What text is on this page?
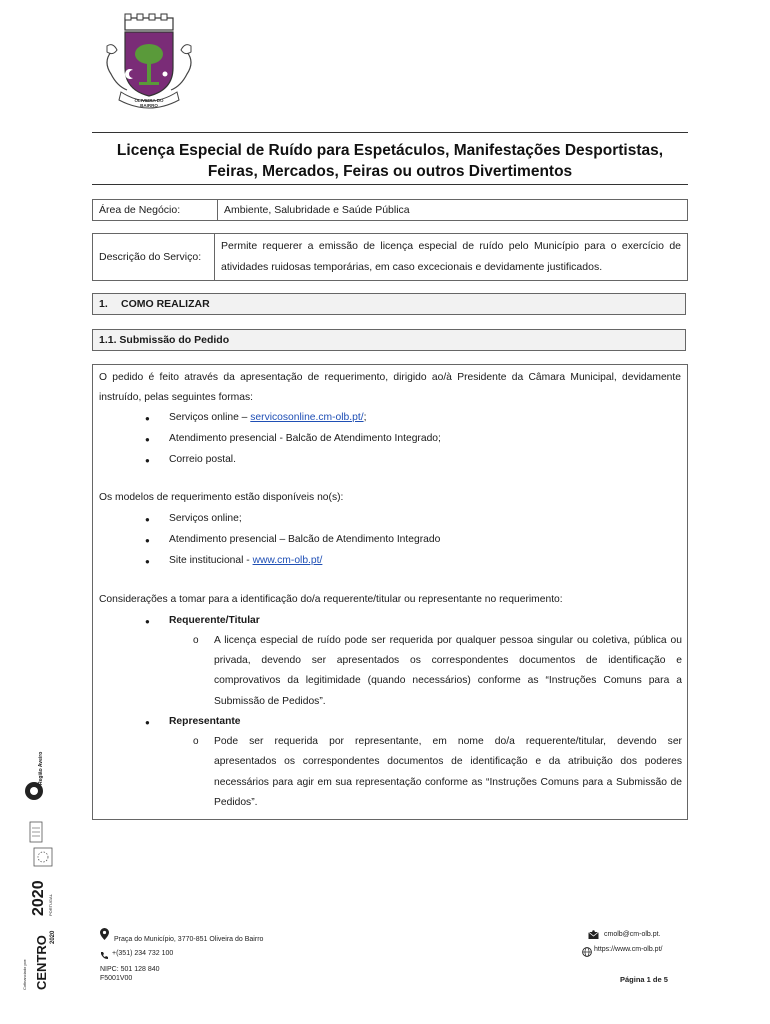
OLIVEIRA DO BAIRRO
Licença Especial de Ruído para Espetáculos, Manifestações Desportistas,
Feiras, Mercados, Feiras ou outros Divertimentos
Área de Negócio:	Ambiente, Salubridade e Saúde Pública
Descrição do Serviço:	
Permite requerer a emissão de licença especial de ruído pelo Município para o exercício de
atividades ruidosas temporárias, em caso excecionais e devidamente justificados.
1.	COMO REALIZAR
1.1. Submissão do Pedido
O pedido é feito através da apresentação de requerimento, dirigido ao/à Presidente da Câmara Municipal, devidamente
instruído, pelas seguintes formas:
● Serviços online – servicosonline.cm-olb.pt/;
● Atendimento presencial - Balcão de Atendimento Integrado;
● Correio postal.
Os modelos de requerimento estão disponíveis no(s):
● Serviços online;
● Atendimento presencial – Balcão de Atendimento Integrado
● Site institucional - www.cm-olb.pt/
Considerações a tomar para a identificação do/a requerente/titular ou representante no requerimento:
● Requerente/Titular
o A licença especial de ruído pode ser requerida por qualquer pessoa singular ou coletiva, pública ou
privada, devendo ser apresentados os correspondentes documentos de identificação e
comprovativos da legitimidade (quando necessários) conforme as “Instruções Comuns para a
Submissão de Pedidos”.
● Representante
o Pode ser requerida por representante, em nome do/a requerente/titular, devendo ser
apresentados os correspondentes documentos de identificação e da atribuição dos poderes
necessários para agir em sua representação conforme as “Instruções Comuns para a Submissão de
Pedidos”.
Região Aveiro
2020 PORTUGAL
Cofinanciado por: CENTRO 2020	Praça do Município, 3770-851 Oliveira do Bairro
+(351) 234 732 100
NIPC: 501 128 840
F5001V00
cmolb@cm-olb.pt.
https://www.cm-olb.pt/
Página 1 de 5
